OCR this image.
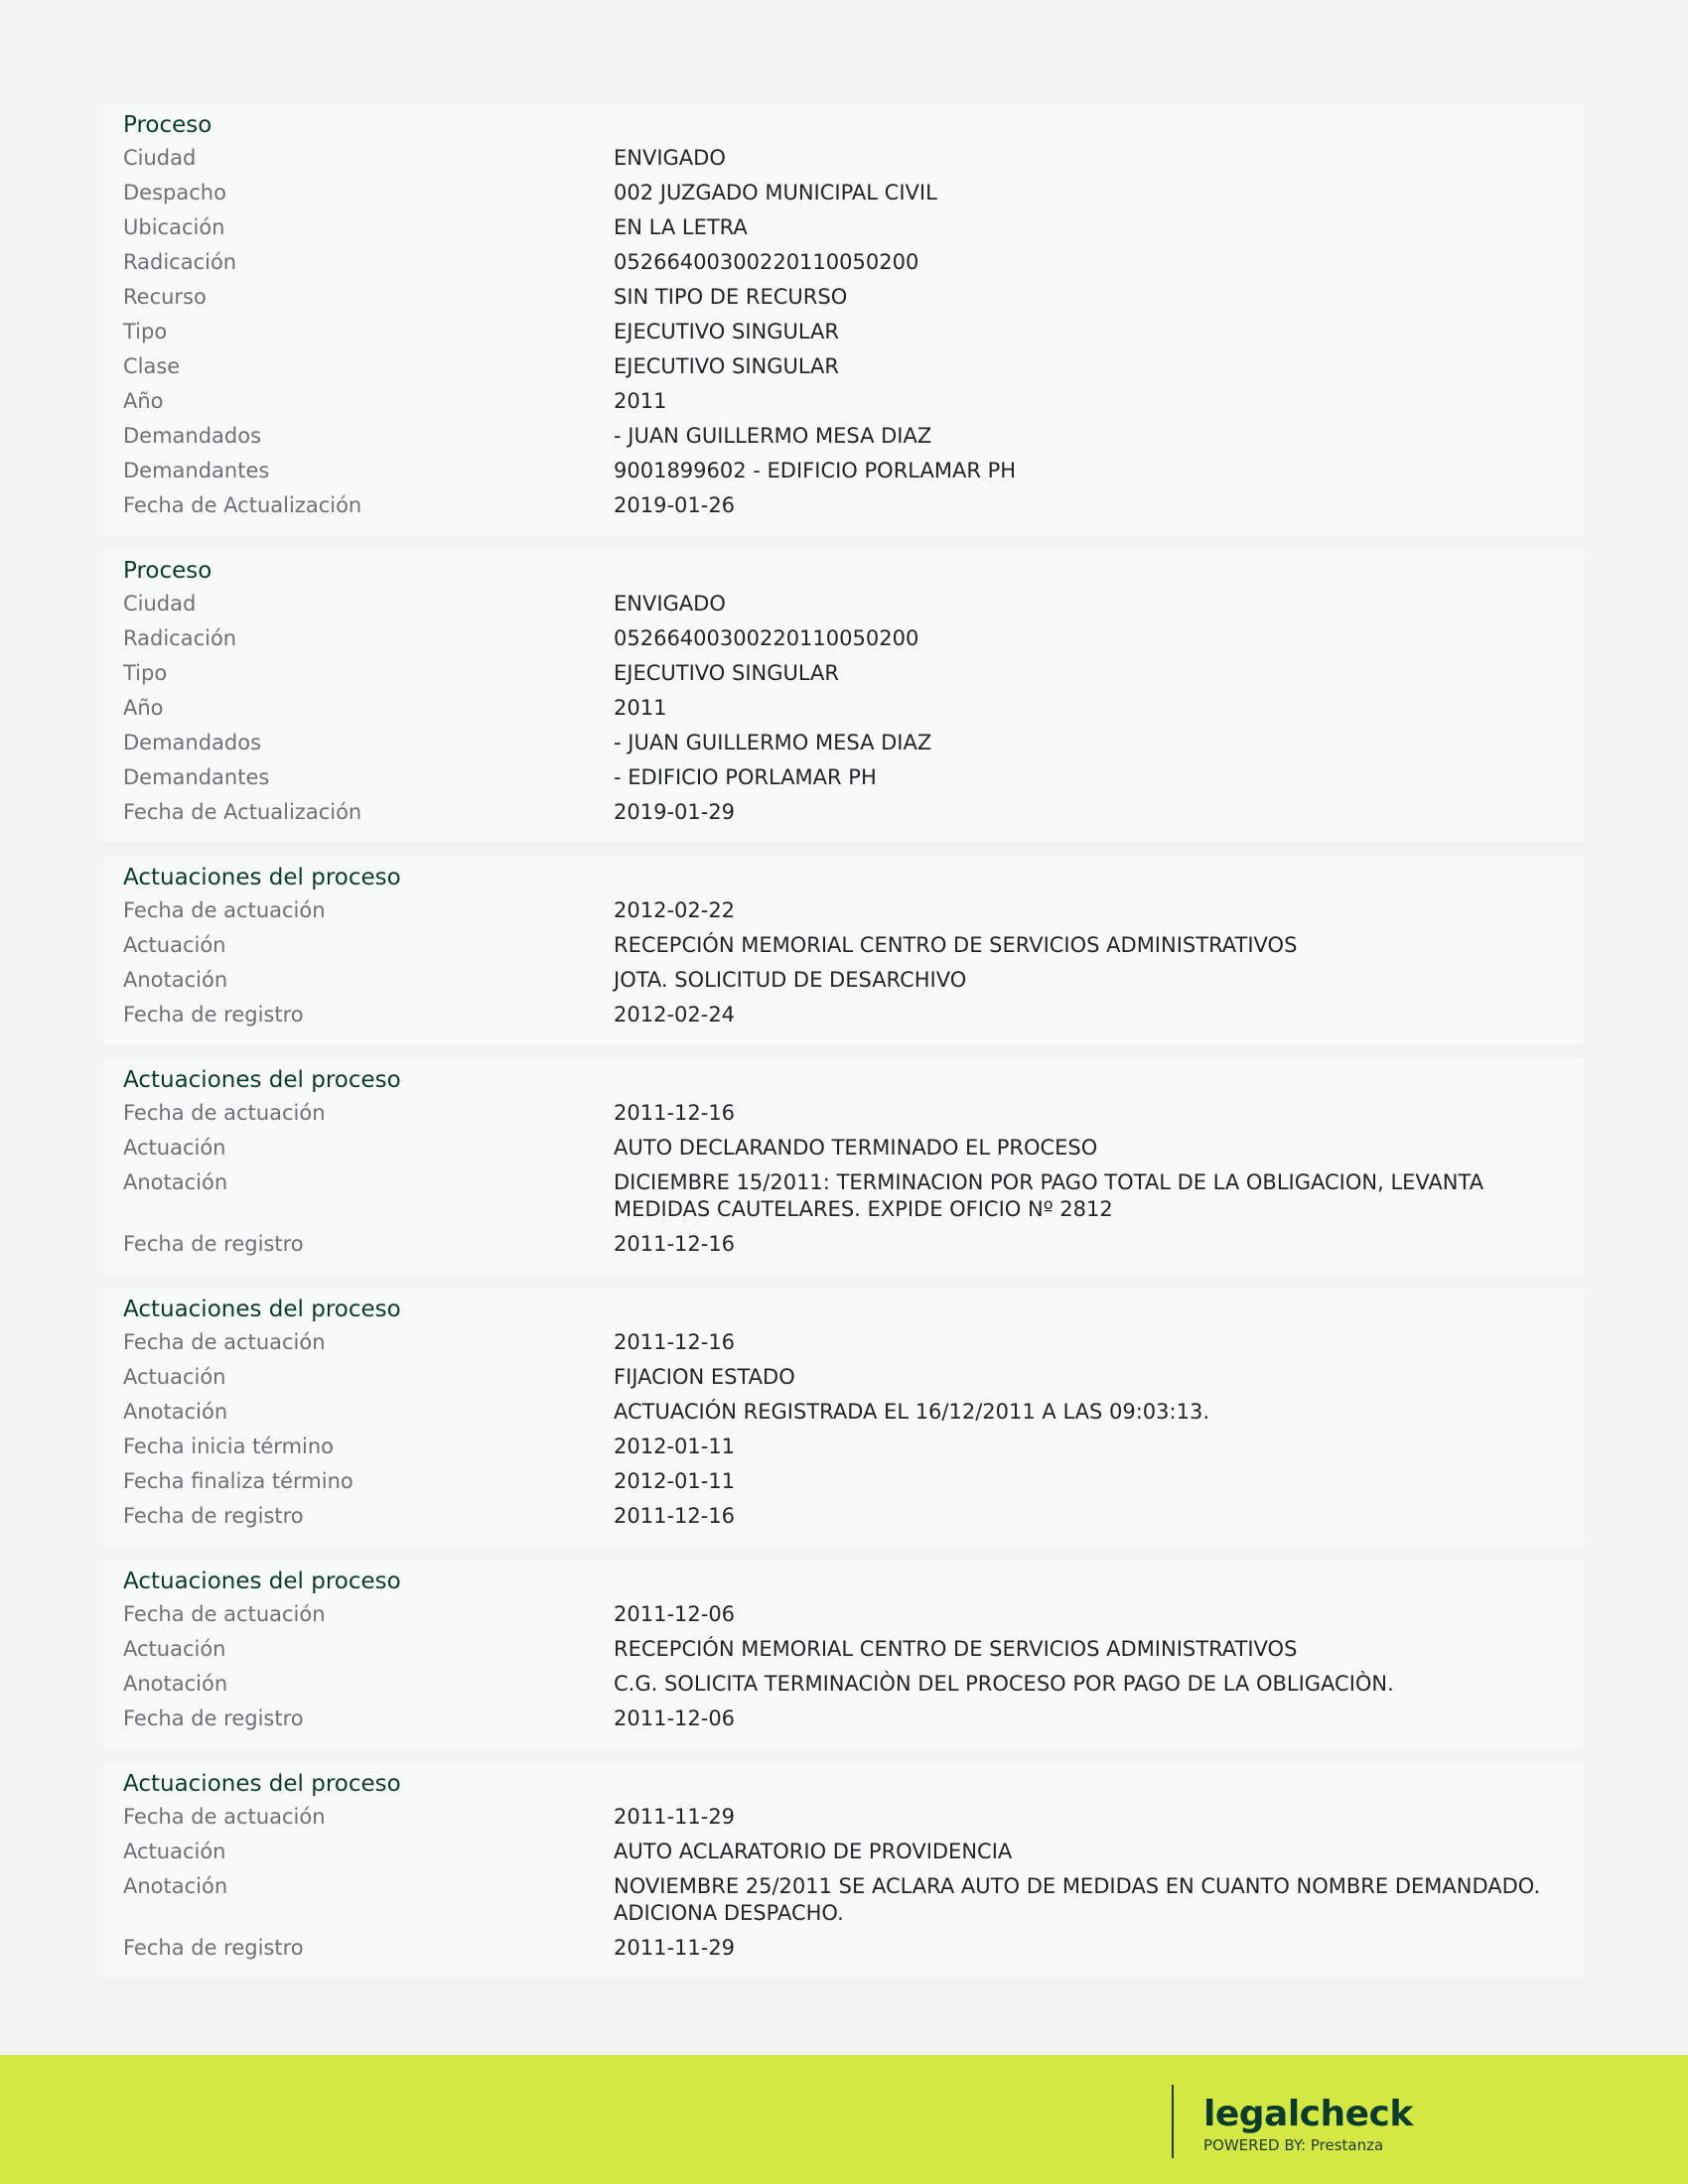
Proceso
Ciudad	ENVIGADO
Despacho	002 JUZGADO MUNICIPAL CIVIL
Ubicación	EN LA LETRA
Radicación	05266400300220110050200
Recurso	SIN TIPO DE RECURSO
Tipo	EJECUTIVO SINGULAR
Clase	EJECUTIVO SINGULAR
Año	2011
Demandados	- JUAN GUILLERMO MESA DIAZ
Demandantes	9001899602 - EDIFICIO PORLAMAR PH
Fecha de Actualización	2019-01-26
Proceso
Ciudad	ENVIGADO
Radicación	05266400300220110050200
Tipo	EJECUTIVO SINGULAR
Año	2011
Demandados	- JUAN GUILLERMO MESA DIAZ
Demandantes	- EDIFICIO PORLAMAR PH
Fecha de Actualización	2019-01-29
Actuaciones del proceso
Fecha de actuación	2012-02-22
Actuación	RECEPCIÓN MEMORIAL CENTRO DE SERVICIOS ADMINISTRATIVOS
Anotación	JOTA. SOLICITUD DE DESARCHIVO
Fecha de registro	2012-02-24
Actuaciones del proceso
Fecha de actuación	2011-12-16
Actuación	AUTO DECLARANDO TERMINADO EL PROCESO
Anotación	DICIEMBRE 15/2011: TERMINACION POR PAGO TOTAL DE LA OBLIGACION, LEVANTA MEDIDAS CAUTELARES. EXPIDE OFICIO Nº 2812
Fecha de registro	2011-12-16
Actuaciones del proceso
Fecha de actuación	2011-12-16
Actuación	FIJACION ESTADO
Anotación	ACTUACIÓN REGISTRADA EL 16/12/2011 A LAS 09:03:13.
Fecha inicia término	2012-01-11
Fecha finaliza término	2012-01-11
Fecha de registro	2011-12-16
Actuaciones del proceso
Fecha de actuación	2011-12-06
Actuación	RECEPCIÓN MEMORIAL CENTRO DE SERVICIOS ADMINISTRATIVOS
Anotación	C.G. SOLICITA TERMINACIÒN DEL PROCESO POR PAGO DE LA OBLIGACIÒN.
Fecha de registro	2011-12-06
Actuaciones del proceso
Fecha de actuación	2011-11-29
Actuación	AUTO ACLARATORIO DE PROVIDENCIA
Anotación	NOVIEMBRE 25/2011 SE ACLARA AUTO DE MEDIDAS EN CUANTO NOMBRE DEMANDADO. ADICIONA DESPACHO.
Fecha de registro	2011-11-29
legalcheck
POWERED BY: Prestanza
